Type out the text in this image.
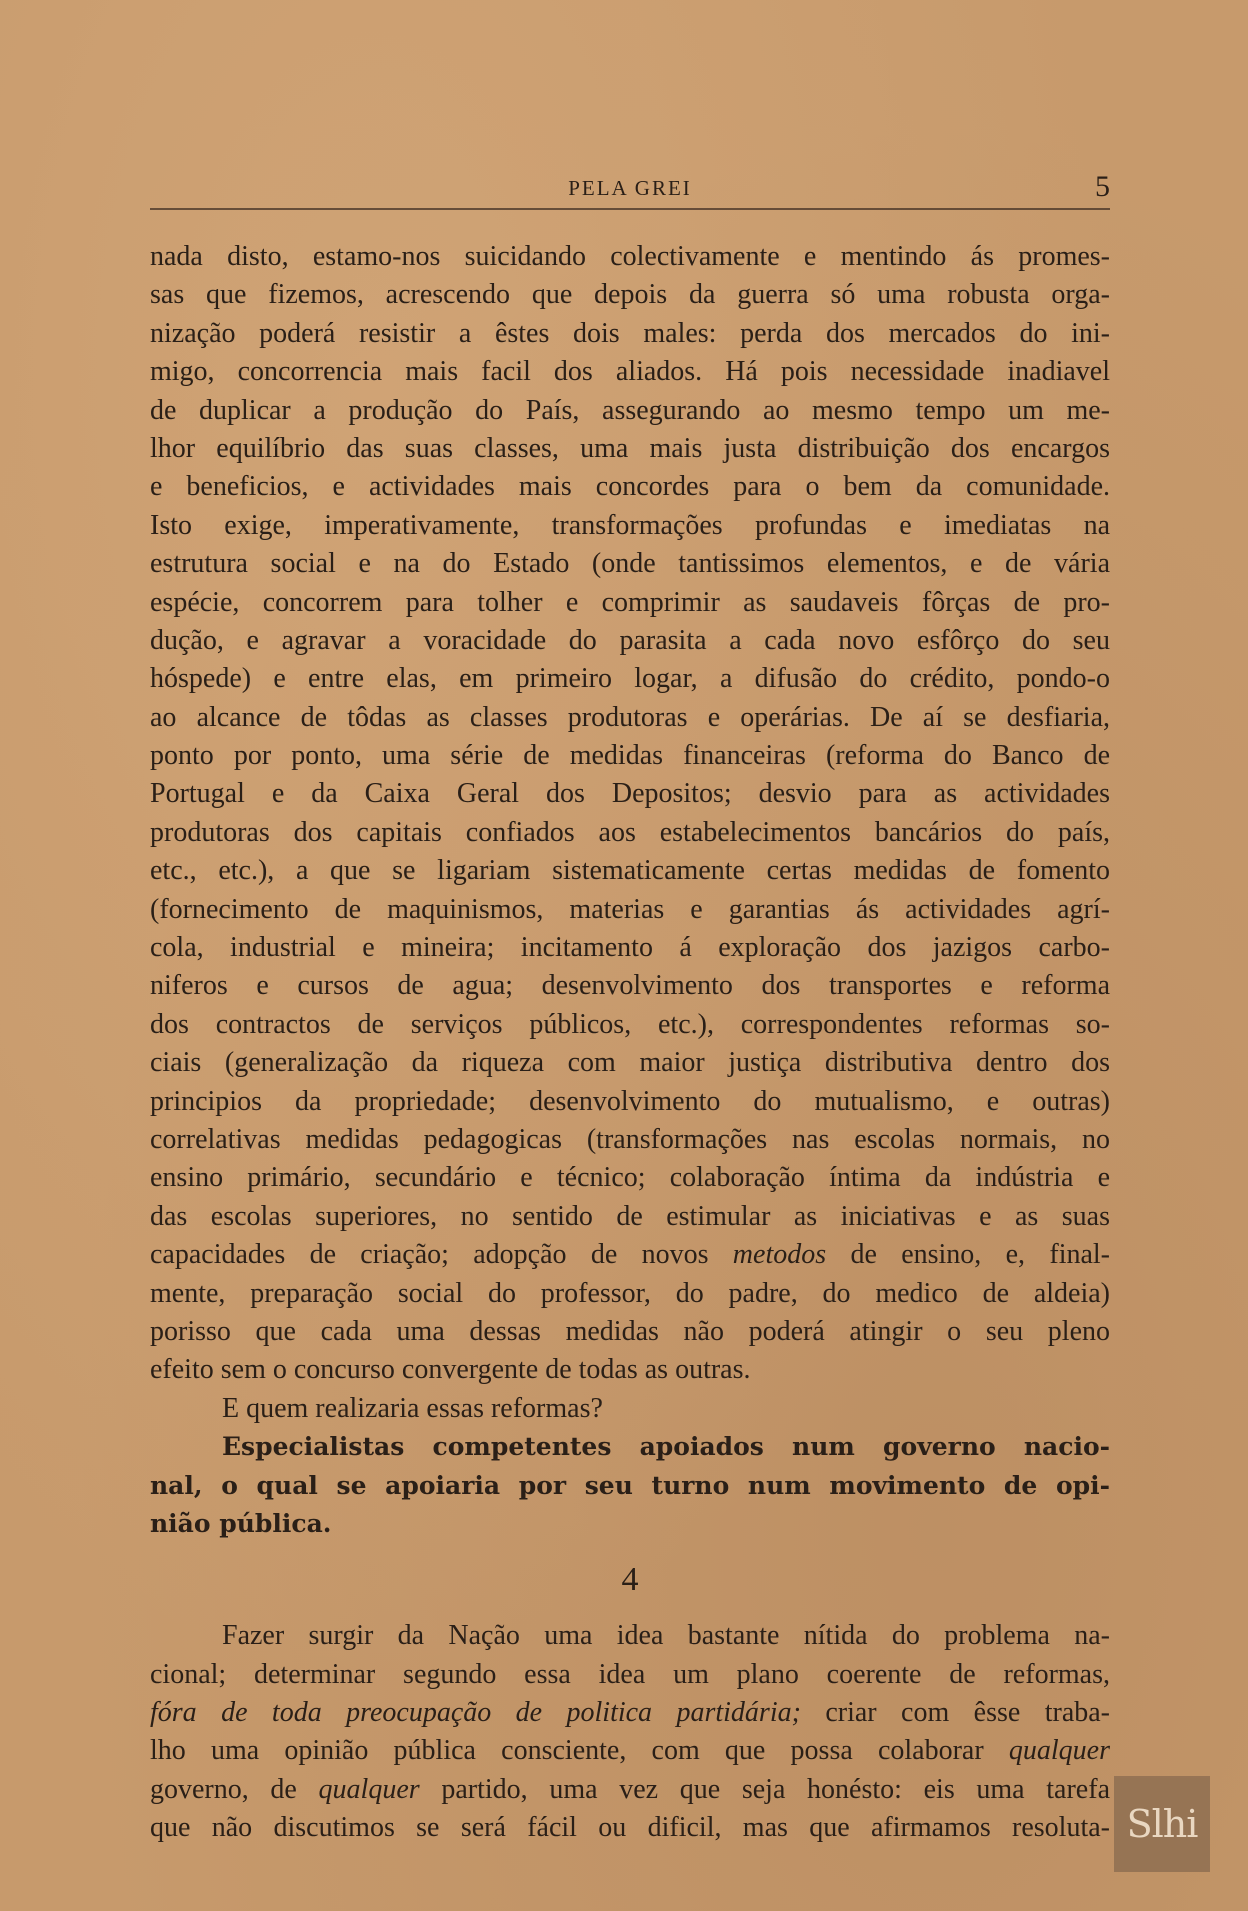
PELA GREI	5
nada disto, estamo-nos suicidando colectivamente e mentindo ás promes-
sas que fizemos, acrescendo que depois da guerra só uma robusta orga-
nização poderá resistir a êstes dois males: perda dos mercados do ini-
migo, concorrencia mais facil dos aliados. Há pois necessidade inadiavel
de duplicar a produção do País, assegurando ao mesmo tempo um me-
lhor equilíbrio das suas classes, uma mais justa distribuição dos encargos
e beneficios, e actividades mais concordes para o bem da comunidade.
Isto exige, imperativamente, transformações profundas e imediatas na
estrutura social e na do Estado (onde tantissimos elementos, e de vária
espécie, concorrem para tolher e comprimir as saudaveis fôrças de pro-
dução, e agravar a voracidade do parasita a cada novo esfôrço do seu
hóspede) e entre elas, em primeiro logar, a difusão do crédito, pondo-o
ao alcance de tôdas as classes produtoras e operárias. De aí se desfiaria,
ponto por ponto, uma série de medidas financeiras (reforma do Banco de
Portugal e da Caixa Geral dos Depositos; desvio para as actividades
produtoras dos capitais confiados aos estabelecimentos bancários do país,
etc., etc.), a que se ligariam sistematicamente certas medidas de fomento
(fornecimento de maquinismos, materias e garantias ás actividades agrí-
cola, industrial e mineira; incitamento á exploração dos jazigos carbo-
niferos e cursos de agua; desenvolvimento dos transportes e reforma
dos contractos de serviços públicos, etc.), correspondentes reformas so-
ciais (generalização da riqueza com maior justiça distributiva dentro dos
principios da propriedade; desenvolvimento do mutualismo, e outras)
correlativas medidas pedagogicas (transformações nas escolas normais, no
ensino primário, secundário e técnico; colaboração íntima da indústria e
das escolas superiores, no sentido de estimular as iniciativas e as suas
capacidades de criação; adopção de novos metodos de ensino, e, final-
mente, preparação social do professor, do padre, do medico de aldeia)
porisso que cada uma dessas medidas não poderá atingir o seu pleno
efeito sem o concurso convergente de todas as outras.
E quem realizaria essas reformas?
Especialistas competentes apoiados num governo nacio-
nal, o qual se apoiaria por seu turno num movimento de opi-
nião pública.
4
Fazer surgir da Nação uma idea bastante nítida do problema na-
cional; determinar segundo essa idea um plano coerente de reformas,
fóra de toda preocupação de politica partidária; criar com êsse traba-
lho uma opinião pública consciente, com que possa colaborar qualquer
governo, de qualquer partido, uma vez que seja honésto: eis uma tarefa
que não discutimos se será fácil ou dificil, mas que afirmamos resoluta- Slhi
